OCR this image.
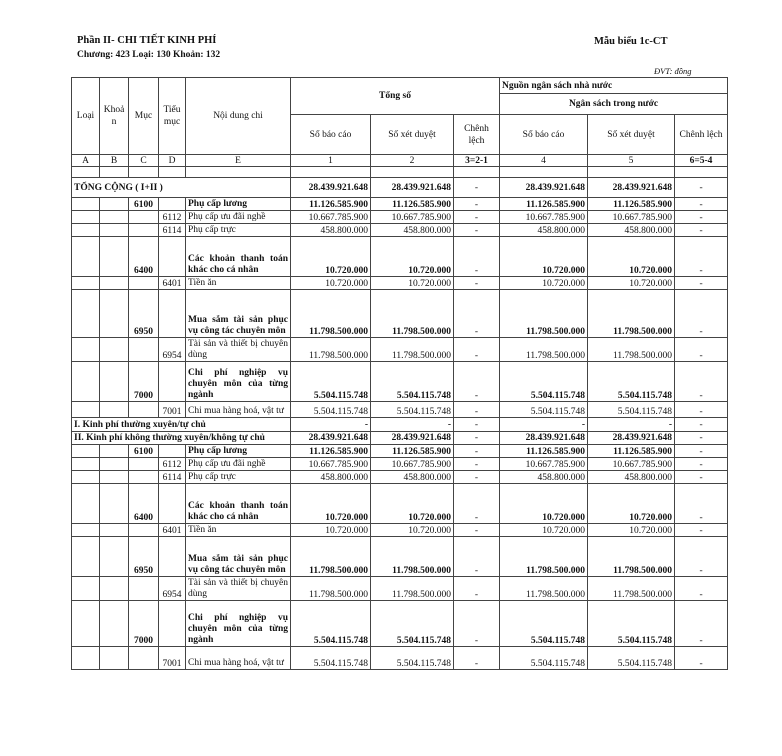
Phần II- CHI TIẾT KINH PHÍ
Chương: 423 Loại: 130 Khoản: 132
Mẫu biểu 1c-CT
ĐVT: đồng
Loại	Khoả n	Mục	Tiểu mục	Nội dung chi	Tổng số			Nguồn ngân sách nhà nước		
								Ngân sách trong nước		
					Số báo cáo	Số xét duyệt	Chênh lệch	Số báo cáo	Số xét duyệt	Chênh lệch
A	B	C	D	E	1	2	3=2-1	4	5	6=5-4

TỔNG CỘNG ( I+II )					28.439.921.648	28.439.921.648	-	28.439.921.648	28.439.921.648	-
		6100		Phụ cấp lương	11.126.585.900	11.126.585.900	-	11.126.585.900	11.126.585.900	-
			6112	Phụ cấp ưu đãi nghề	10.667.785.900	10.667.785.900	-	10.667.785.900	10.667.785.900	-
			6114	Phụ cấp trực	458.800.000	458.800.000	-	458.800.000	458.800.000	-
		6400		Các khoản thanh toán khác cho cá nhân	10.720.000	10.720.000	-	10.720.000	10.720.000	-
			6401	Tiền ăn	10.720.000	10.720.000	-	10.720.000	10.720.000	-
		6950		Mua sắm tài sản phục vụ công tác chuyên môn	11.798.500.000	11.798.500.000	-	11.798.500.000	11.798.500.000	-
			6954	Tài sản và thiết bị chuyên dùng	11.798.500.000	11.798.500.000	-	11.798.500.000	11.798.500.000	-
		7000		Chi phí nghiệp vụ chuyên môn của từng ngành	5.504.115.748	5.504.115.748	-	5.504.115.748	5.504.115.748	-
			7001	Chi mua hàng hoá, vật tư	5.504.115.748	5.504.115.748	-	5.504.115.748	5.504.115.748	-
I. Kinh phí thường xuyên/tự chủ					-	-	-	-	-	-
II. Kinh phí không thường xuyên/không tự chủ					28.439.921.648	28.439.921.648	-	28.439.921.648	28.439.921.648	-
		6100		Phụ cấp lương	11.126.585.900	11.126.585.900	-	11.126.585.900	11.126.585.900	-
			6112	Phụ cấp ưu đãi nghề	10.667.785.900	10.667.785.900	-	10.667.785.900	10.667.785.900	-
			6114	Phụ cấp trực	458.800.000	458.800.000	-	458.800.000	458.800.000	-
		6400		Các khoản thanh toán khác cho cá nhân	10.720.000	10.720.000	-	10.720.000	10.720.000	-
			6401	Tiền ăn	10.720.000	10.720.000	-	10.720.000	10.720.000	-
		6950		Mua sắm tài sản phục vụ công tác chuyên môn	11.798.500.000	11.798.500.000	-	11.798.500.000	11.798.500.000	-
			6954	Tài sản và thiết bị chuyên dùng	11.798.500.000	11.798.500.000	-	11.798.500.000	11.798.500.000	-
		7000		Chi phí nghiệp vụ chuyên môn của từng ngành	5.504.115.748	5.504.115.748	-	5.504.115.748	5.504.115.748	-
			7001	Chi mua hàng hoá, vật tư	5.504.115.748	5.504.115.748	-	5.504.115.748	5.504.115.748	-
